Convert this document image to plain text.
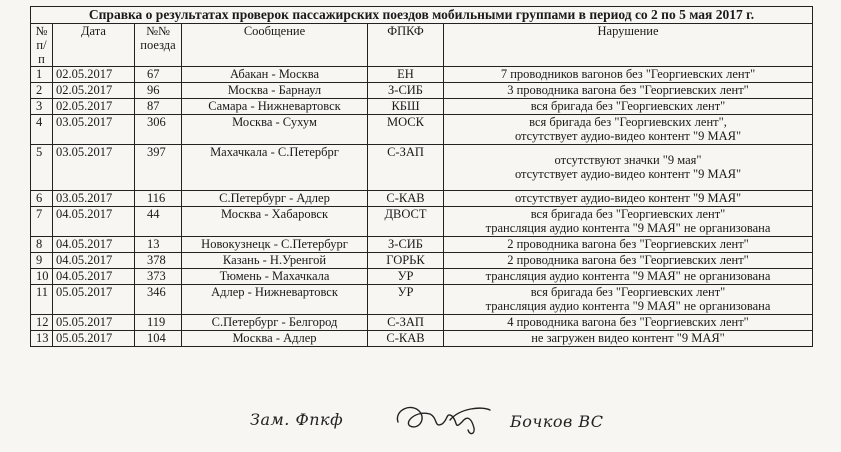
Справка о результатах проверок пассажирских поездов мобильными группами в период со 2 по 5 мая 2017 г.					
№ п/п	Дата	№№ поезда	Сообщение	ФПКФ	Нарушение
1	02.05.2017	67	Абакан - Москва	ЕН	7 проводников вагонов без "Георгиевских лент"

2	02.05.2017	96	Москва - Барнаул	З-СИБ	3 проводника вагона без "Георгиевских лент"

3	02.05.2017	87	Самара - Нижневартовск	КБШ	вся бригада без "Георгиевских лент"

4	03.05.2017	306	Москва - Сухум	МОСК	вся бригада без "Георгиевских лент",
отсутствует аудио-видео контент "9 МАЯ"

5	03.05.2017	397	Махачкала - С.Петербрг	С-ЗАП	отсутствуют значки "9 мая"
отсутствует аудио-видео контент "9 МАЯ"

6	03.05.2017	116	С.Петербург - Адлер	С-КАВ	отсутствует аудио-видео контент "9 МАЯ"

7	04.05.2017	44	Москва - Хабаровск	ДВОСТ	вся бригада без "Георгиевских лент"
трансляция аудио контента "9 МАЯ" не организована

8	04.05.2017	13	Новокузнецк - С.Петербург	З-СИБ	2 проводника вагона без "Георгиевских лент"

9	04.05.2017	378	Казань - Н.Уренгой	ГОРЬК	2 проводника вагона без "Георгиевских лент"

10	04.05.2017	373	Тюмень - Махачкала	УР	трансляция аудио контента "9 МАЯ" не организована

11	05.05.2017	346	Адлер - Нижневартовск	УР	вся бригада без "Георгиевских лент"
трансляция аудио контента "9 МАЯ" не организована

12	05.05.2017	119	С.Петербург - Белгород	С-ЗАП	4 проводника вагона без "Георгиевских лент"

13	05.05.2017	104	Москва - Адлер	С-КАВ	не загружен видео контент "9 МАЯ"
Зам. Фпкф	Бочков ВС
